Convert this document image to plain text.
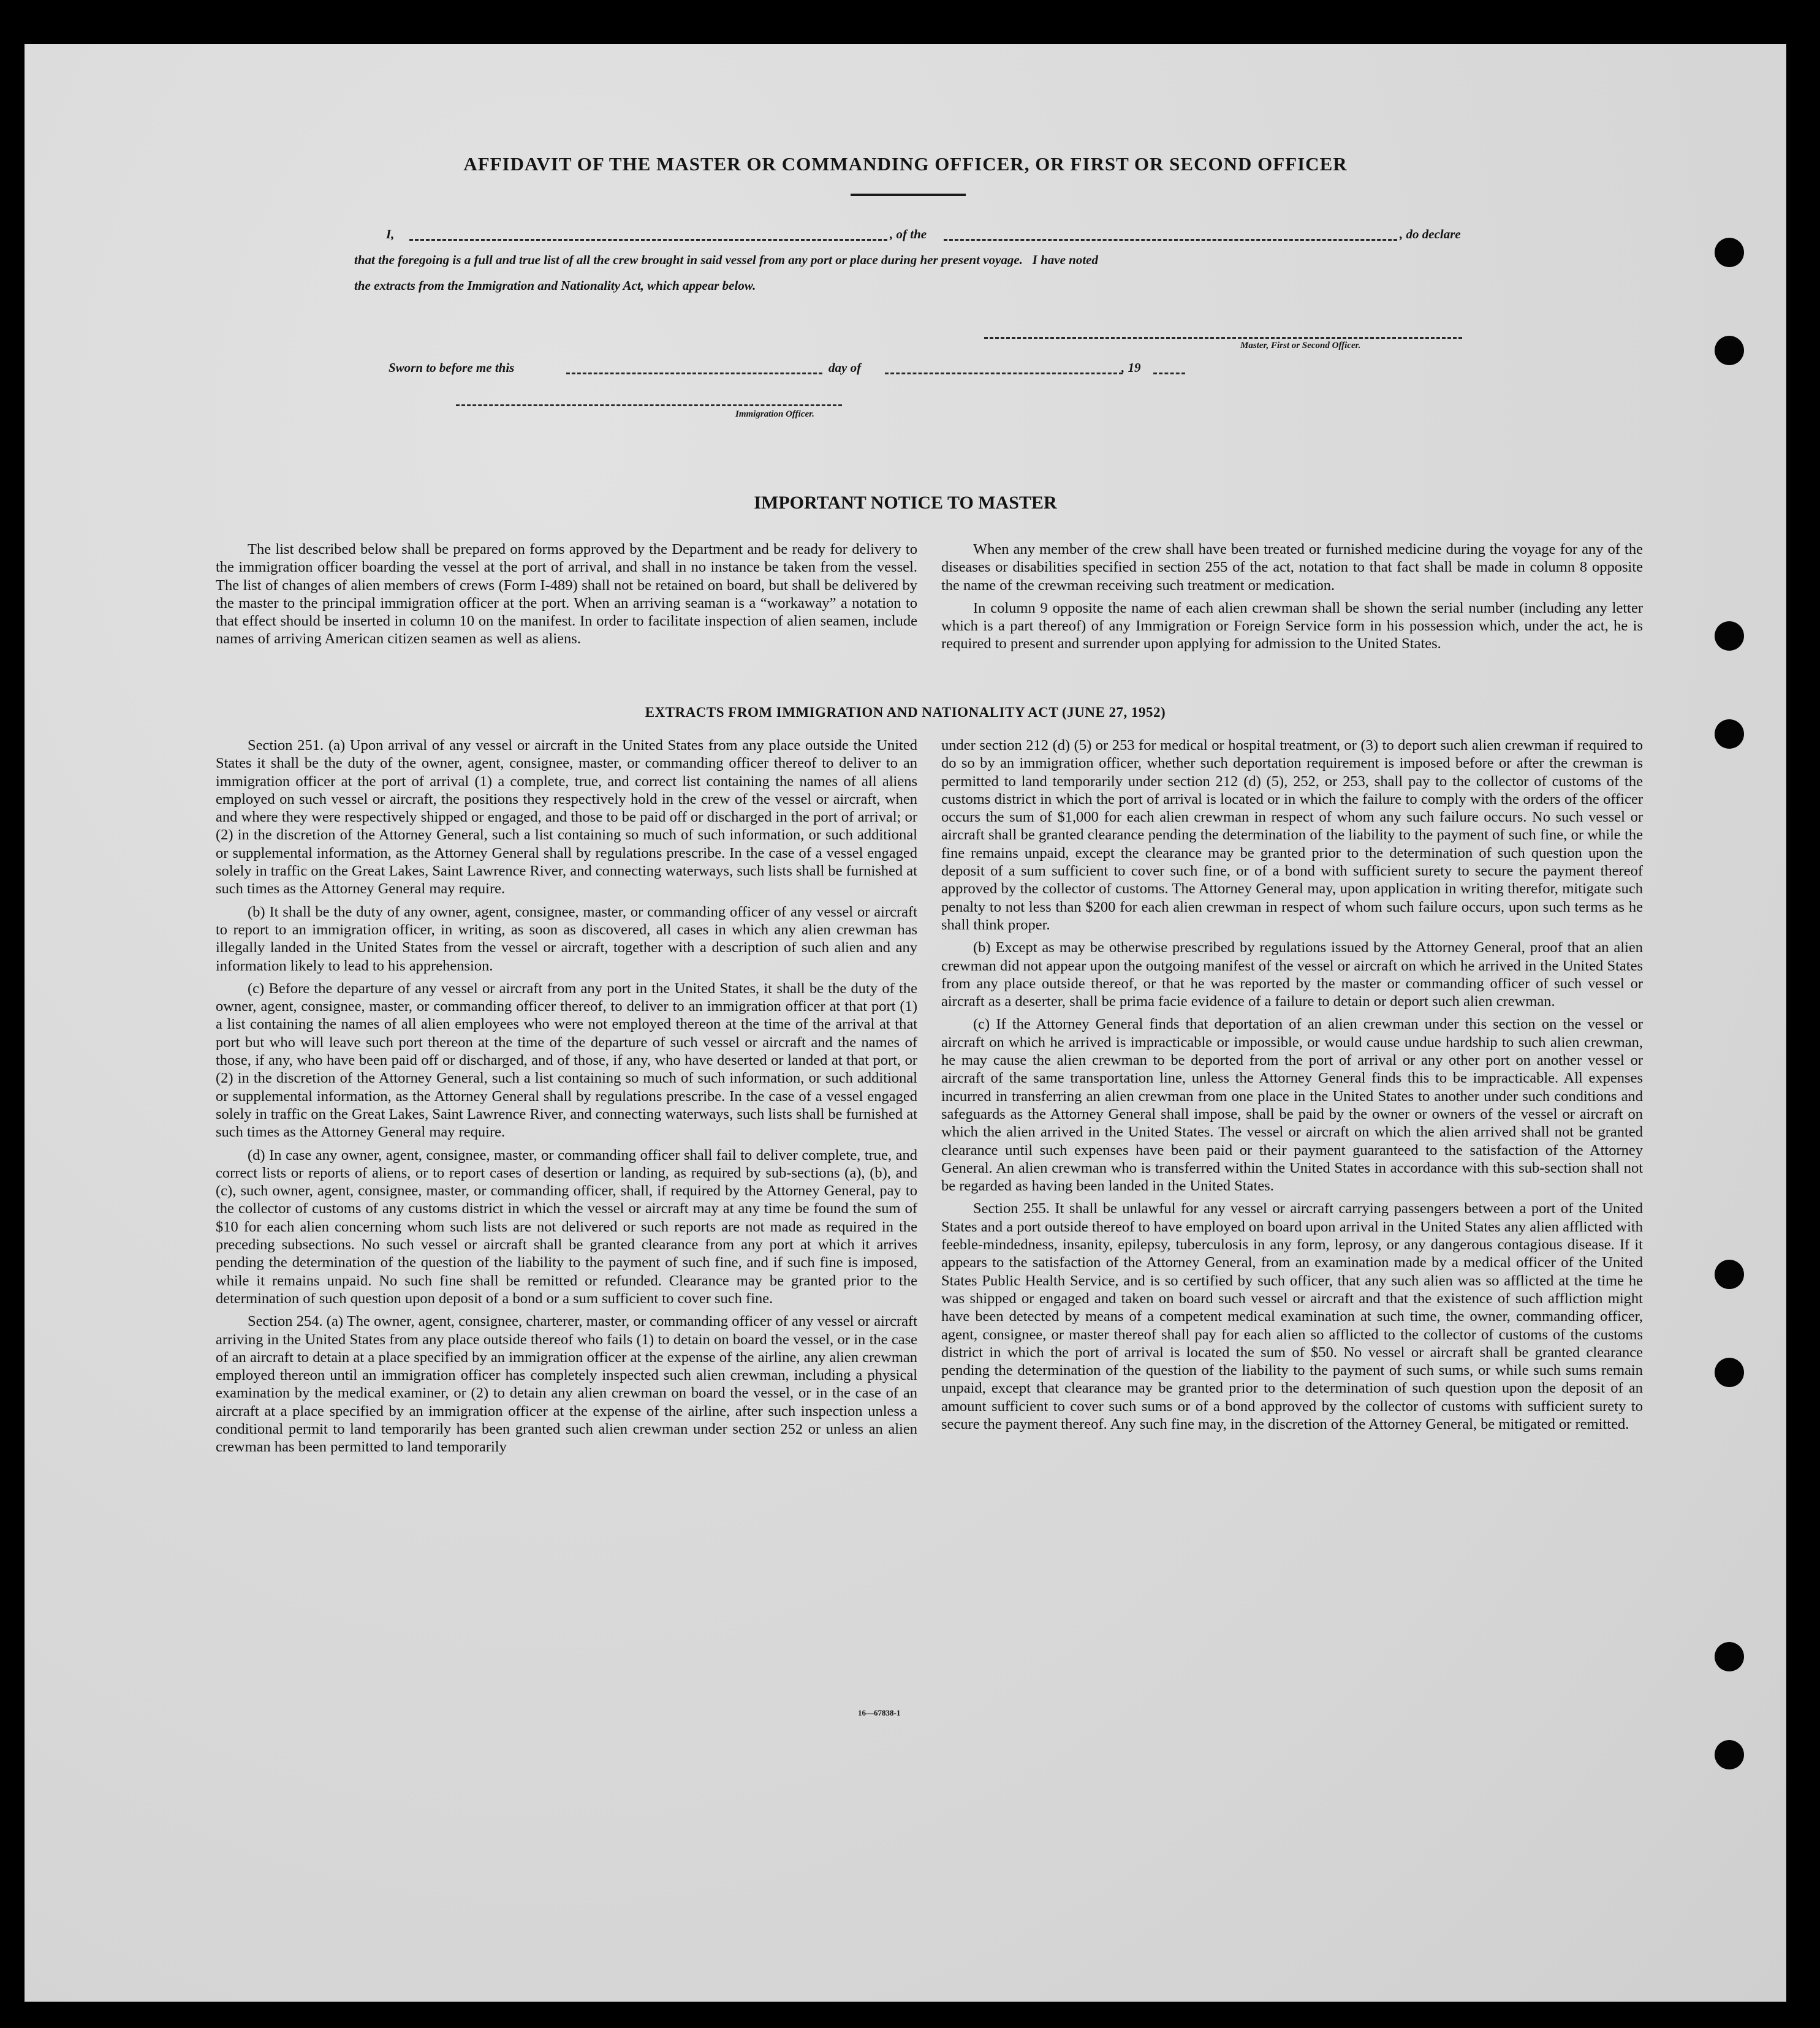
AFFIDAVIT OF THE MASTER OR COMMANDING OFFICER, OR FIRST OR SECOND OFFICER
I,	, of the	, do declare
that the foregoing is a full and true list of all the crew brought in said vessel from any port or place during her present voyage.   I have noted
the extracts from the Immigration and Nationality Act, which appear below.
Master, First or Second Officer.
Sworn to before me this	day of	, 19
Immigration Officer.
IMPORTANT NOTICE TO MASTER

The list described below shall be prepared on forms approved by the Department and be ready for delivery to the immigration officer boarding the vessel at the port of arrival, and shall in no instance be taken from the vessel. The list of changes of alien members of crews (Form I-489) shall not be retained on board, but shall be delivered by the master to the principal immigration officer at the port. When an arriving seaman is a “workaway” a notation to that effect should be inserted in column 10 on the manifest. In order to facilitate inspection of alien seamen, include names of arriving American citizen seamen as well as aliens.

When any member of the crew shall have been treated or furnished medicine during the voyage for any of the diseases or disabilities specified in section 255 of the act, notation to that fact shall be made in column 8 opposite the name of the crewman receiving such treatment or medication.

In column 9 opposite the name of each alien crewman shall be shown the serial number (including any letter which is a part thereof) of any Immigration or Foreign Service form in his possession which, under the act, he is required to present and surrender upon applying for admission to the United States.

EXTRACTS FROM IMMIGRATION AND NATIONALITY ACT (JUNE 27, 1952)

Section 251. (a) Upon arrival of any vessel or aircraft in the United States from any place outside the United States it shall be the duty of the owner, agent, consignee, master, or commanding officer thereof to deliver to an immigration officer at the port of arrival (1) a complete, true, and correct list containing the names of all aliens employed on such vessel or aircraft, the positions they respectively hold in the crew of the vessel or aircraft, when and where they were respectively shipped or engaged, and those to be paid off or discharged in the port of arrival; or (2) in the discretion of the Attorney General, such a list containing so much of such information, or such additional or supplemental information, as the Attorney General shall by regulations prescribe. In the case of a vessel engaged solely in traffic on the Great Lakes, Saint Lawrence River, and connecting waterways, such lists shall be furnished at such times as the Attorney General may require.

(b) It shall be the duty of any owner, agent, consignee, master, or commanding officer of any vessel or aircraft to report to an immigration officer, in writing, as soon as discovered, all cases in which any alien crewman has illegally landed in the United States from the vessel or aircraft, together with a description of such alien and any information likely to lead to his apprehension.

(c) Before the departure of any vessel or aircraft from any port in the United States, it shall be the duty of the owner, agent, consignee, master, or commanding officer thereof, to deliver to an immigration officer at that port (1) a list containing the names of all alien employees who were not employed thereon at the time of the arrival at that port but who will leave such port thereon at the time of the departure of such vessel or aircraft and the names of those, if any, who have been paid off or discharged, and of those, if any, who have deserted or landed at that port, or (2) in the discretion of the Attorney General, such a list containing so much of such information, or such additional or supplemental information, as the Attorney General shall by regulations prescribe. In the case of a vessel engaged solely in traffic on the Great Lakes, Saint Lawrence River, and connecting waterways, such lists shall be furnished at such times as the Attorney General may require.

(d) In case any owner, agent, consignee, master, or commanding officer shall fail to deliver complete, true, and correct lists or reports of aliens, or to report cases of desertion or landing, as required by sub-sections (a), (b), and (c), such owner, agent, consignee, master, or commanding officer, shall, if required by the Attorney General, pay to the collector of customs of any customs district in which the vessel or aircraft may at any time be found the sum of $10 for each alien concerning whom such lists are not delivered or such reports are not made as required in the preceding subsections. No such vessel or aircraft shall be granted clearance from any port at which it arrives pending the determination of the question of the liability to the payment of such fine, and if such fine is imposed, while it remains unpaid. No such fine shall be remitted or refunded. Clearance may be granted prior to the determination of such question upon deposit of a bond or a sum sufficient to cover such fine.

Section 254. (a) The owner, agent, consignee, charterer, master, or commanding officer of any vessel or aircraft arriving in the United States from any place outside thereof who fails (1) to detain on board the vessel, or in the case of an aircraft to detain at a place specified by an immigration officer at the expense of the airline, any alien crewman employed thereon until an immigration officer has completely inspected such alien crewman, including a physical examination by the medical examiner, or (2) to detain any alien crewman on board the vessel, or in the case of an aircraft at a place specified by an immigration officer at the expense of the airline, after such inspection unless a conditional permit to land temporarily has been granted such alien crewman under section 252 or unless an alien crewman has been permitted to land temporarily

under section 212 (d) (5) or 253 for medical or hospital treatment, or (3) to deport such alien crewman if required to do so by an immigration officer, whether such deportation requirement is imposed before or after the crewman is permitted to land temporarily under section 212 (d) (5), 252, or 253, shall pay to the collector of customs of the customs district in which the port of arrival is located or in which the failure to comply with the orders of the officer occurs the sum of $1,000 for each alien crewman in respect of whom any such failure occurs. No such vessel or aircraft shall be granted clearance pending the determination of the liability to the payment of such fine, or while the fine remains unpaid, except the clearance may be granted prior to the determination of such question upon the deposit of a sum sufficient to cover such fine, or of a bond with sufficient surety to secure the payment thereof approved by the collector of customs. The Attorney General may, upon application in writing therefor, mitigate such penalty to not less than $200 for each alien crewman in respect of whom such failure occurs, upon such terms as he shall think proper.

(b) Except as may be otherwise prescribed by regulations issued by the Attorney General, proof that an alien crewman did not appear upon the outgoing manifest of the vessel or aircraft on which he arrived in the United States from any place outside thereof, or that he was reported by the master or commanding officer of such vessel or aircraft as a deserter, shall be prima facie evidence of a failure to detain or deport such alien crewman.

(c) If the Attorney General finds that deportation of an alien crewman under this section on the vessel or aircraft on which he arrived is impracticable or impossible, or would cause undue hardship to such alien crewman, he may cause the alien crewman to be deported from the port of arrival or any other port on another vessel or aircraft of the same transportation line, unless the Attorney General finds this to be impracticable. All expenses incurred in transferring an alien crewman from one place in the United States to another under such conditions and safeguards as the Attorney General shall impose, shall be paid by the owner or owners of the vessel or aircraft on which the alien arrived in the United States. The vessel or aircraft on which the alien arrived shall not be granted clearance until such expenses have been paid or their payment guaranteed to the satisfaction of the Attorney General. An alien crewman who is transferred within the United States in accordance with this sub-section shall not be regarded as having been landed in the United States.

Section 255. It shall be unlawful for any vessel or aircraft carrying passengers between a port of the United States and a port outside thereof to have employed on board upon arrival in the United States any alien afflicted with feeble-mindedness, insanity, epilepsy, tuberculosis in any form, leprosy, or any dangerous contagious disease. If it appears to the satisfaction of the Attorney General, from an examination made by a medical officer of the United States Public Health Service, and is so certified by such officer, that any such alien was so afflicted at the time he was shipped or engaged and taken on board such vessel or aircraft and that the existence of such affliction might have been detected by means of a competent medical examination at such time, the owner, commanding officer, agent, consignee, or master thereof shall pay for each alien so afflicted to the collector of customs of the customs district in which the port of arrival is located the sum of $50. No vessel or aircraft shall be granted clearance pending the determination of the question of the liability to the payment of such sums, or while such sums remain unpaid, except that clearance may be granted prior to the determination of such question upon the deposit of an amount sufficient to cover such sums or of a bond approved by the collector of customs with sufficient surety to secure the payment thereof. Any such fine may, in the discretion of the Attorney General, be mitigated or remitted.

16—67838-1
